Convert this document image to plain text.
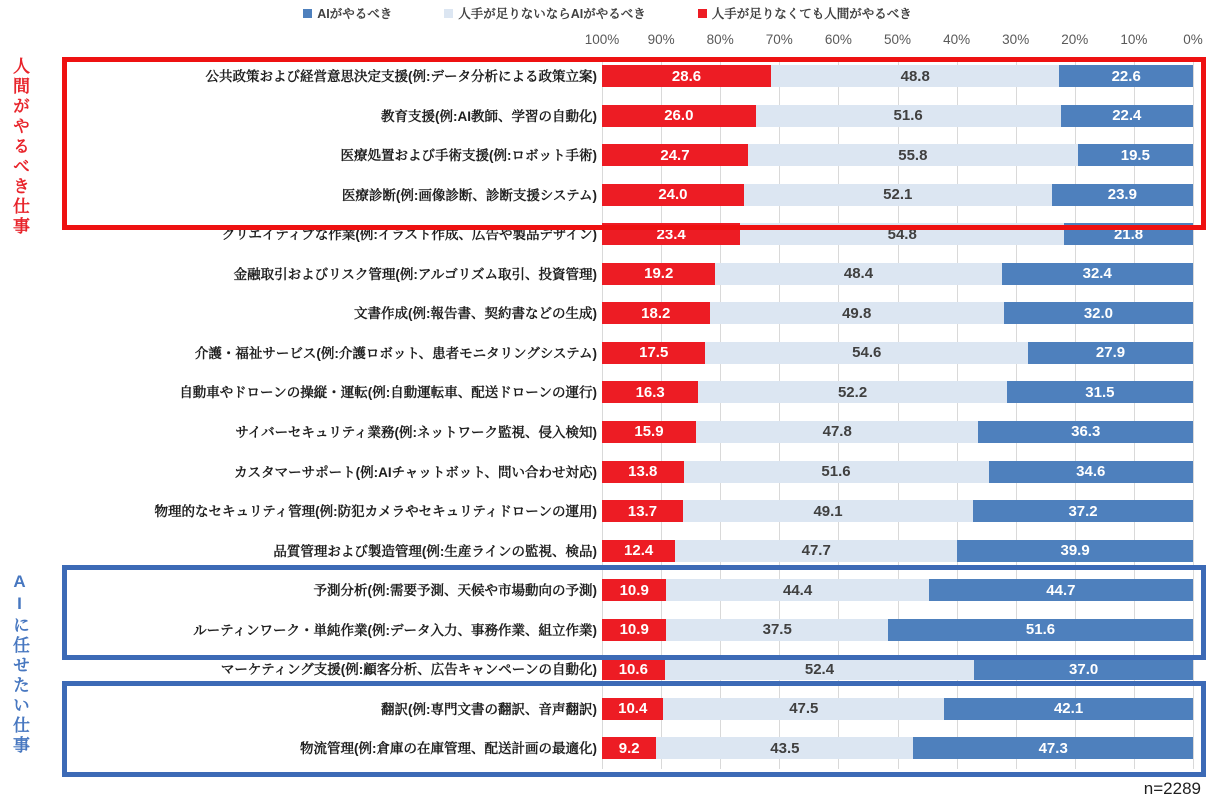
AIがやるべき	人手が足りないならAIがやるべき	人手が足りなくても人間がやるべき
100%	90%	80%	70%	60%	50%	40%	30%	20%	10%	0%
公共政策および経営意思決定支援(例:データ分析による政策立案)	28.6	48.8	22.6
教育支援(例:AI教師、学習の自動化)	26.0	51.6	22.4
医療処置および手術支援(例:ロボット手術)	24.7	55.8	19.5
医療診断(例:画像診断、診断支援システム)	24.0	52.1	23.9
クリエイティブな作業(例:イラスト作成、広告や製品デザイン)	23.4	54.8	21.8
金融取引およびリスク管理(例:アルゴリズム取引、投資管理)	19.2	48.4	32.4
文書作成(例:報告書、契約書などの生成)	18.2	49.8	32.0
介護・福祉サービス(例:介護ロボット、患者モニタリングシステム)	17.5	54.6	27.9
自動車やドローンの操縦・運転(例:自動運転車、配送ドローンの運行)	16.3	52.2	31.5
サイバーセキュリティ業務(例:ネットワーク監視、侵入検知) 15.9	47.8	36.3
カスタマーサポート(例:AIチャットボット、問い合わせ対応) 13.8	51.6	34.6
物理的なセキュリティ管理(例:防犯カメラやセキュリティドローンの運用) 13.7	49.1	37.2
品質管理および製造管理(例:生産ラインの監視、検品) 12.4	47.7	39.9
予測分析(例:需要予測、天候や市場動向の予測) 10.9	44.4	44.7
ルーティンワーク・単純作業(例:データ入力、事務作業、組立作業) 10.9	37.5	51.6
マーケティング支援(例:顧客分析、広告キャンペーンの自動化) 10.6	52.4	37.0
翻訳(例:専門文書の翻訳、音声翻訳) 10.4	47.5	42.1
物流管理(例:倉庫の在庫管理、配送計画の最適化) 9.2	43.5	47.3
人間がやるべき仕事
AIに任せたい仕事
n=2289
